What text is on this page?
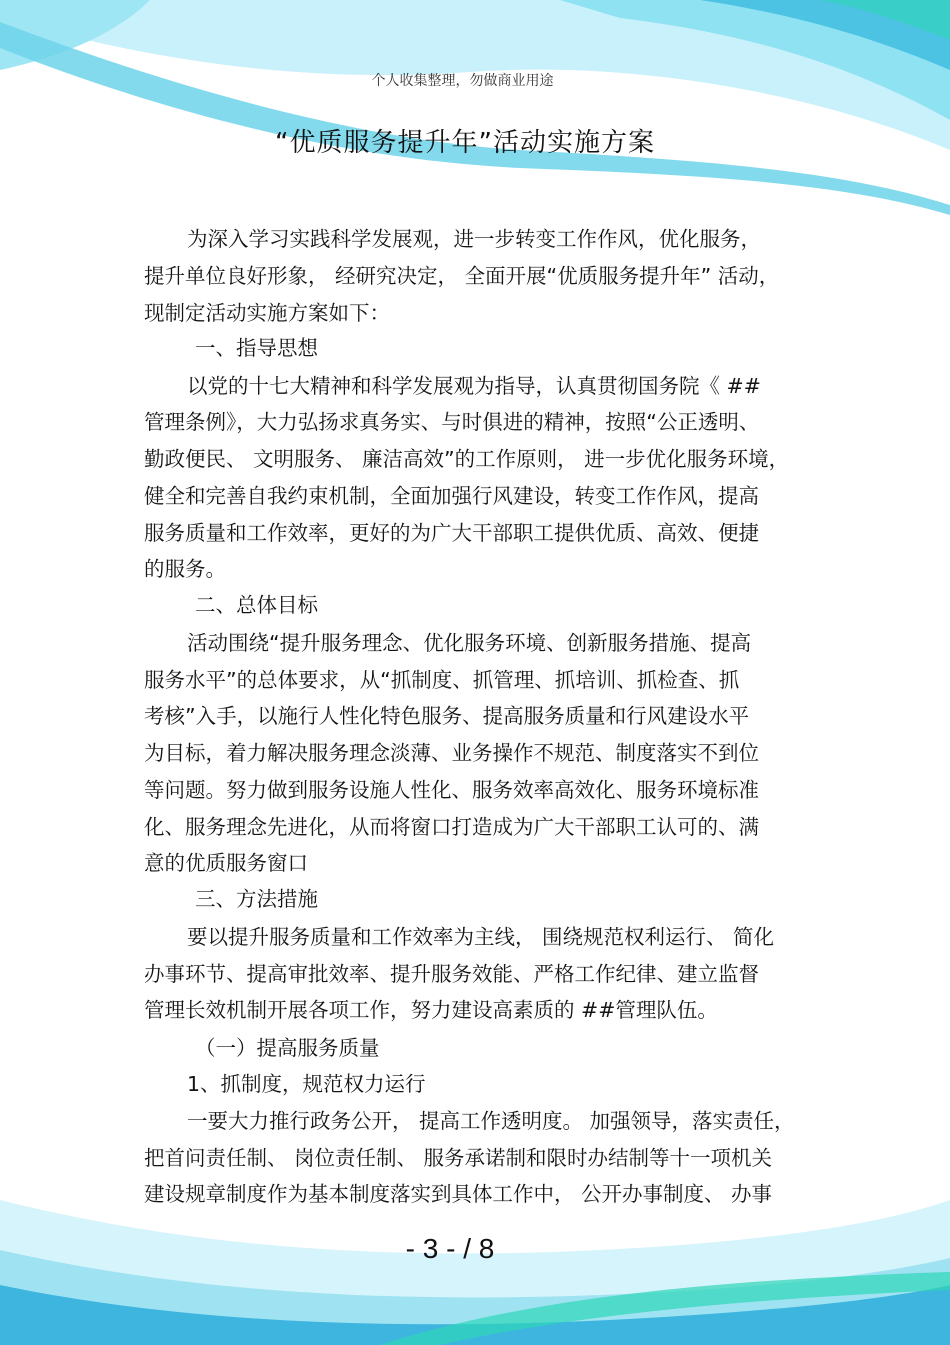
个人收集整理，勿做商业用途
“优质服务提升年”活动实施方案
为深入学习实践科学发展观，进一步转变工作作风，优化服务，
提升单位良好形象， 经研究决定， 全面开展“优质服务提升年” 活动，
现制定活动实施方案如下：
一、指导思想
以党的十七大精神和科学发展观为指导，认真贯彻国务院《 ##
管理条例》，大力弘扬求真务实、与时俱进的精神，按照“公正透明、
勤政便民、 文明服务、 廉洁高效”的工作原则， 进一步优化服务环境，
健全和完善自我约束机制，全面加强行风建设，转变工作作风，提高
服务质量和工作效率，更好的为广大干部职工提供优质、高效、便捷
的服务。
二、总体目标
活动围绕“提升服务理念、优化服务环境、创新服务措施、提高
服务水平”的总体要求，从“抓制度、抓管理、抓培训、抓检查、抓
考核”入手，以施行人性化特色服务、提高服务质量和行风建设水平
为目标，着力解决服务理念淡薄、业务操作不规范、制度落实不到位
等问题。努力做到服务设施人性化、服务效率高效化、服务环境标准
化、服务理念先进化，从而将窗口打造成为广大干部职工认可的、满
意的优质服务窗口
三、方法措施
要以提升服务质量和工作效率为主线， 围绕规范权利运行、 简化
办事环节、提高审批效率、提升服务效能、严格工作纪律、建立监督
管理长效机制开展各项工作，努力建设高素质的 ##管理队伍。
（一）提高服务质量
1、抓制度，规范权力运行
一要大力推行政务公开， 提高工作透明度。 加强领导，落实责任，
把首问责任制、 岗位责任制、 服务承诺制和限时办结制等十一项机关
建设规章制度作为基本制度落实到具体工作中， 公开办事制度、 办事
- 3 - / 8
